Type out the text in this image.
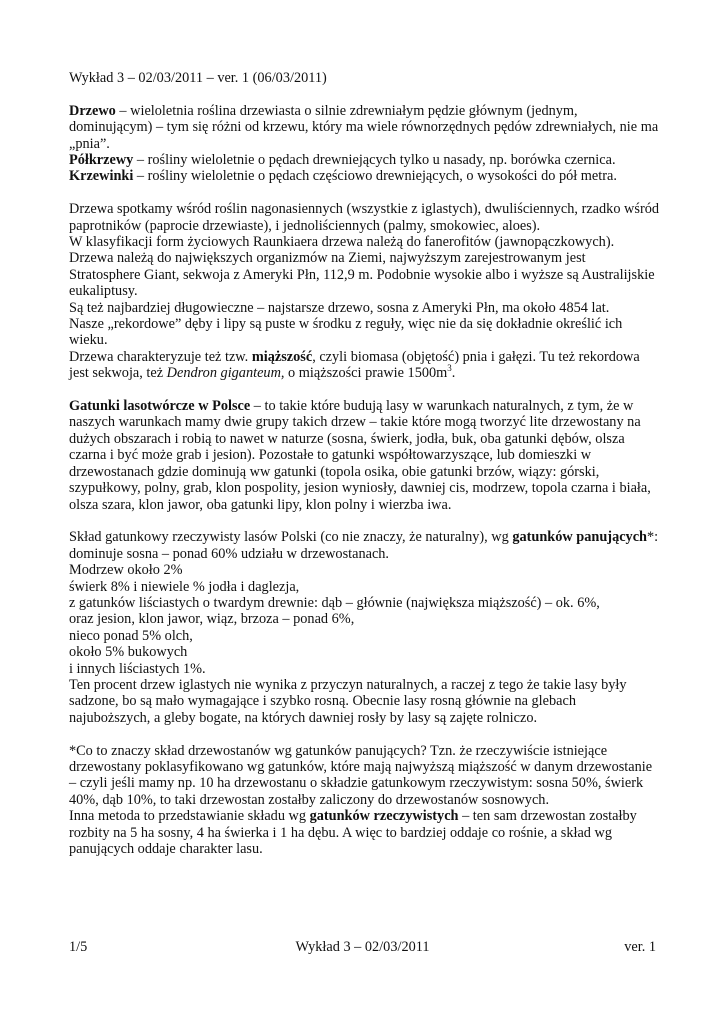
Wykład 3 – 02/03/2011 – ver. 1 (06/03/2011)

Drzewo – wieloletnia roślina drzewiasta o silnie zdrewniałym pędzie głównym (jednym, dominującym) – tym się różni od krzewu, który ma wiele równorzędnych pędów zdrewniałych, nie ma „pnia”.

Półkrzewy – rośliny wieloletnie o pędach drewniejących tylko u nasady, np. borówka czernica.

Krzewinki – rośliny wieloletnie o pędach częściowo drewniejących, o wysokości do pół metra.

Drzewa spotkamy wśród roślin nagonasiennych (wszystkie z iglastych), dwuliściennych, rzadko wśród paprotników (paprocie drzewiaste), i jednoliściennych (palmy, smokowiec, aloes).

W klasyfikacji form życiowych Raunkiaera drzewa należą do fanerofitów (jawnopączkowych).

Drzewa należą do największych organizmów na Ziemi, najwyższym zarejestrowanym jest Stratosphere Giant, sekwoja z Ameryki Płn, 112,9 m. Podobnie wysokie albo i wyższe są Australijskie eukaliptusy.

Są też najbardziej długowieczne – najstarsze drzewo, sosna z Ameryki Płn, ma około 4854 lat.

Nasze „rekordowe” dęby i lipy są puste w środku z reguły, więc nie da się dokładnie określić ich wieku.

Drzewa charakteryzuje też tzw. miąższość, czyli biomasa (objętość) pnia i gałęzi. Tu też rekordowa jest sekwoja, też Dendron giganteum, o miąższości prawie $1500m^3$.

Gatunki lasotwórcze w Polsce – to takie które budują lasy w warunkach naturalnych, z tym, że w naszych warunkach mamy dwie grupy takich drzew – takie które mogą tworzyć lite drzewostany na dużych obszarach i robią to nawet w naturze (sosna, świerk, jodła, buk, oba gatunki dębów, olsza czarna i być może grab i jesion). Pozostałe to gatunki współtowarzyszące, lub domieszki w drzewostanach gdzie dominują ww gatunki (topola osika, obie gatunki brzów, wiązy: górski, szypułkowy, polny, grab, klon pospolity, jesion wyniosły, dawniej cis, modrzew, topola czarna i biała, olsza szara, klon jawor, oba gatunki lipy, klon polny i wierzba iwa.

Skład gatunkowy rzeczywisty lasów Polski (co nie znaczy, że naturalny), wg gatunków panujących*:

dominuje sosna – ponad 60% udziału w drzewostanach.

Modrzew około 2%

świerk 8% i niewiele % jodła i daglezja,

z gatunków liściastych o twardym drewnie: dąb – głównie (największa miąższość) – ok. 6%,

oraz jesion, klon jawor, wiąz, brzoza – ponad 6%,

nieco ponad 5% olch,

około 5% bukowych

i innych liściastych 1%.

Ten procent drzew iglastych nie wynika z przyczyn naturalnych, a raczej z tego że takie lasy były sadzone, bo są mało wymagające i szybko rosną. Obecnie lasy rosną głównie na glebach najuboższych, a gleby bogate, na których dawniej rosły by lasy są zajęte rolniczo.

*Co to znaczy skład drzewostanów wg gatunków panujących? Tzn. że rzeczywiście istniejące drzewostany poklasyfikowano wg gatunków, które mają najwyższą miąższość w danym drzewostanie – czyli jeśli mamy np. 10 ha drzewostanu o składzie gatunkowym rzeczywistym: sosna 50%, świerk 40%, dąb 10%, to taki drzewostan zostałby zaliczony do drzewostanów sosnowych.

Inna metoda to przedstawianie składu wg gatunków rzeczywistych – ten sam drzewostan zostałby rozbity na 5 ha sosny, 4 ha świerka i 1 ha dębu. A więc to bardziej oddaje co rośnie, a skład wg panujących oddaje charakter lasu.

Wykład 3 – 02/03/2011
1/5	ver. 1
